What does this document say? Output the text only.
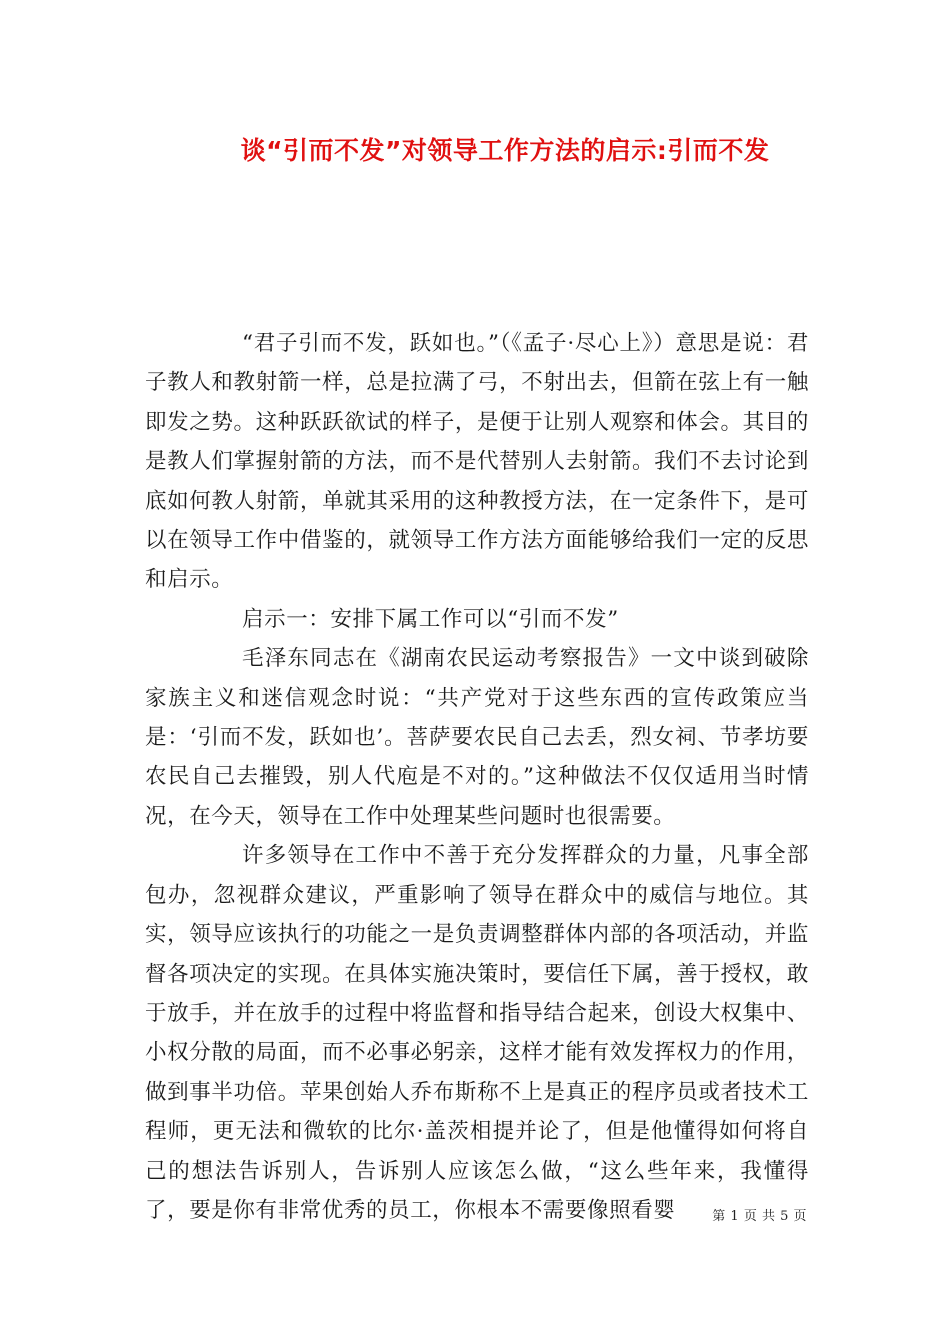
谈“引而不发”对领导工作方法的启示:引而不发

“君子引而不发，跃如也。”（《孟子·尽心上》）意思是说：君子教人和教射箭一样，总是拉满了弓，不射出去，但箭在弦上有一触即发之势。这种跃跃欲试的样子，是便于让别人观察和体会。其目的是教人们掌握射箭的方法，而不是代替别人去射箭。我们不去讨论到底如何教人射箭，单就其采用的这种教授方法，在一定条件下，是可以在领导工作中借鉴的，就领导工作方法方面能够给我们一定的反思和启示。

启示一：安排下属工作可以“引而不发”

毛泽东同志在《湖南农民运动考察报告》一文中谈到破除家族主义和迷信观念时说：“共产党对于这些东西的宣传政策应当是：‘引而不发，跃如也’。菩萨要农民自己去丢，烈女祠、节孝坊要农民自己去摧毁，别人代庖是不对的。”这种做法不仅仅适用当时情况，在今天，领导在工作中处理某些问题时也很需要。

许多领导在工作中不善于充分发挥群众的力量，凡事全部包办，忽视群众建议，严重影响了领导在群众中的威信与地位。其实，领导应该执行的功能之一是负责调整群体内部的各项活动，并监督各项决定的实现。在具体实施决策时，要信任下属，善于授权，敢于放手，并在放手的过程中将监督和指导结合起来，创设大权集中、小权分散的局面，而不必事必躬亲，这样才能有效发挥权力的作用，做到事半功倍。苹果创始人乔布斯称不上是真正的程序员或者技术工程师，更无法和微软的比尔·盖茨相提并论了，但是他懂得如何将自己的想法告诉别人，告诉别人应该怎么做，“这么些年来，我懂得了，要是你有非常优秀的员工，你根本不需要像照看婴	第 1 页 共 5 页
